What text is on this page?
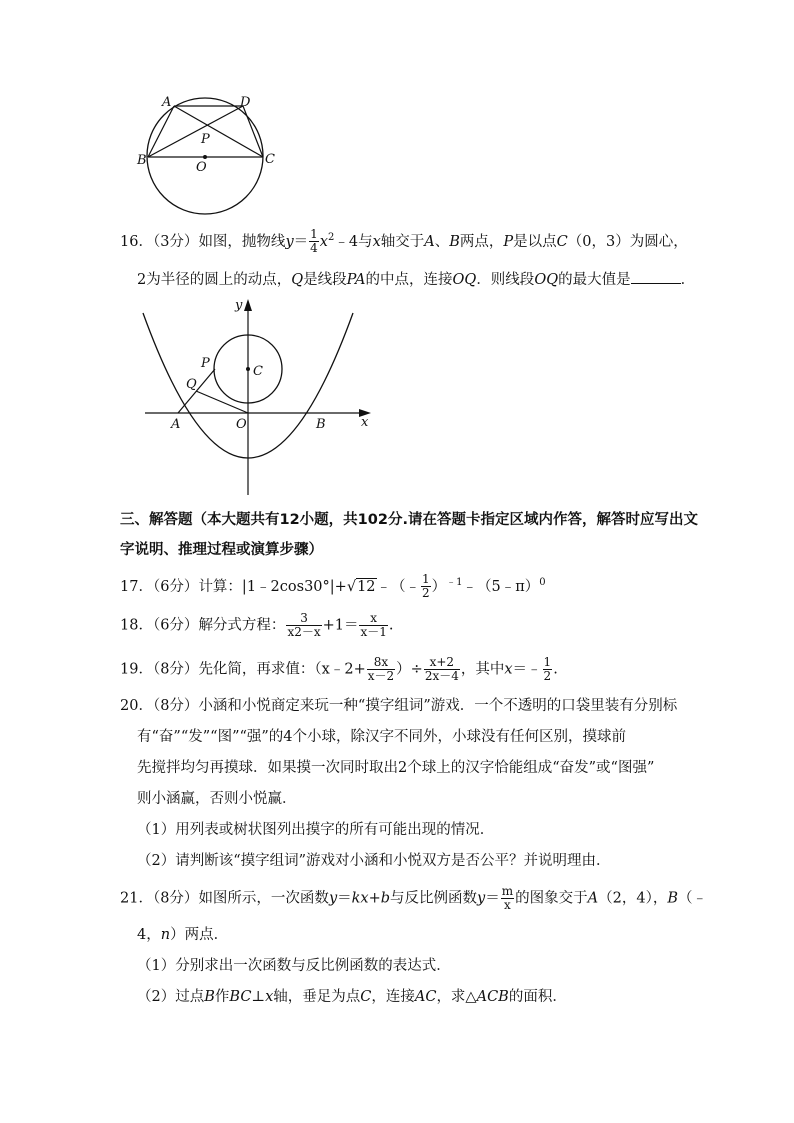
A	D
P
B	C
O
16．（3分）如图，抛物线$y= \frac{1}{4}$ $x^2﹣4$与x轴交于A、B两点，P是以点C（0，3）为圆心，
2为半径的圆上的动点，Q是线段PA的中点，连接OQ．则线段OQ的最大值是	．
y
x
P
C
Q
A	O	B
三、解答题（本大题共有12小题，共102分.请在答题卡指定区域内作答，解答时应写出文
字说明、推理过程或演算步骤）
17．（6分）计算：|1﹣2cos30°|+√12﹣（﹣ $\frac{1}{2}$ ）$^{﹣1}$﹣（5﹣π）$^0$
18．（6分）解分式方程： $\frac{3}{x2-x} +1= \frac{x}{x-1}$ .
19．（8分）先化简，再求值：（x﹣2+ $\frac{8x}{x-2}$ ）÷ $\frac{x+2}{2x-4}$ ，其中x＝﹣ $\frac{1}{2}$ .
20．（8分）小涵和小悦商定来玩一种“摸字组词”游戏．一个不透明的口袋里装有分别标
有“奋”“发”“图”“强”的4个小球，除汉字不同外，小球没有任何区别，摸球前
先搅拌均匀再摸球．如果摸一次同时取出2个球上的汉字恰能组成“奋发”或“图强”
则小涵赢，否则小悦赢．
（1）用列表或树状图列出摸字的所有可能出现的情况．
（2）请判断该“摸字组词”游戏对小涵和小悦双方是否公平？并说明理由．
21．（8分）如图所示，一次函数y＝kx+b与反比例函数$y= \frac{m}{x}$ 的图象交于A（2，4），B（﹣
4，n）两点．
（1）分别求出一次函数与反比例函数的表达式．
（2）过点B作BC⊥x轴，垂足为点C，连接AC，求△ACB的面积．
